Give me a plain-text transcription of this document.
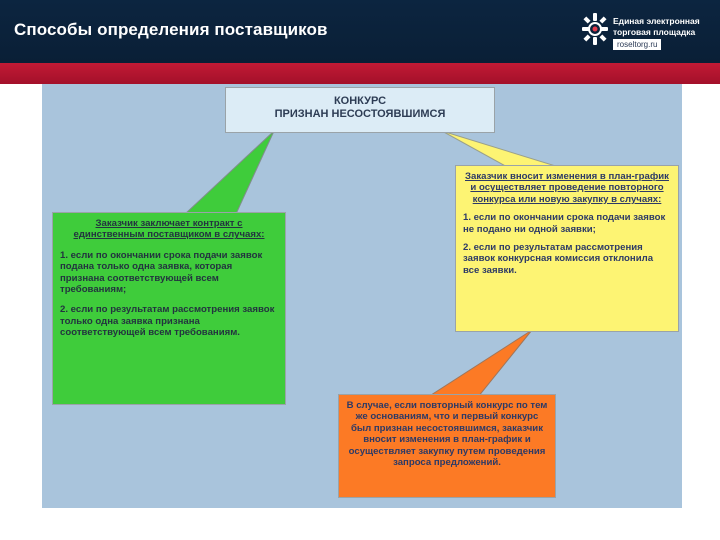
Способы определения поставщиков	Единая электронная
торговая площадка
roseltorg.ru
КОНКУРС
ПРИЗНАН НЕСОСТОЯВШИМСЯ
Заказчик заключает контракт с единственным поставщиком в случаях:
1. если по окончании срока подачи заявок подана только одна заявка, которая признана соответствующей всем требованиям;
2. если по результатам рассмотрения заявок только одна заявка признана соответствующей всем требованиям.
Заказчик вносит изменения в план-график и осуществляет проведение повторного конкурса или новую закупку в случаях:
1. если по окончании срока подачи заявок не подано ни одной заявки;
2. если по результатам рассмотрения заявок конкурсная комиссия отклонила все заявки.
В случае, если повторный конкурс по тем же основаниям, что и первый конкурс был признан несостоявшимся, заказчик вносит изменения в план-график и осуществляет закупку путем проведения запроса предложений.
